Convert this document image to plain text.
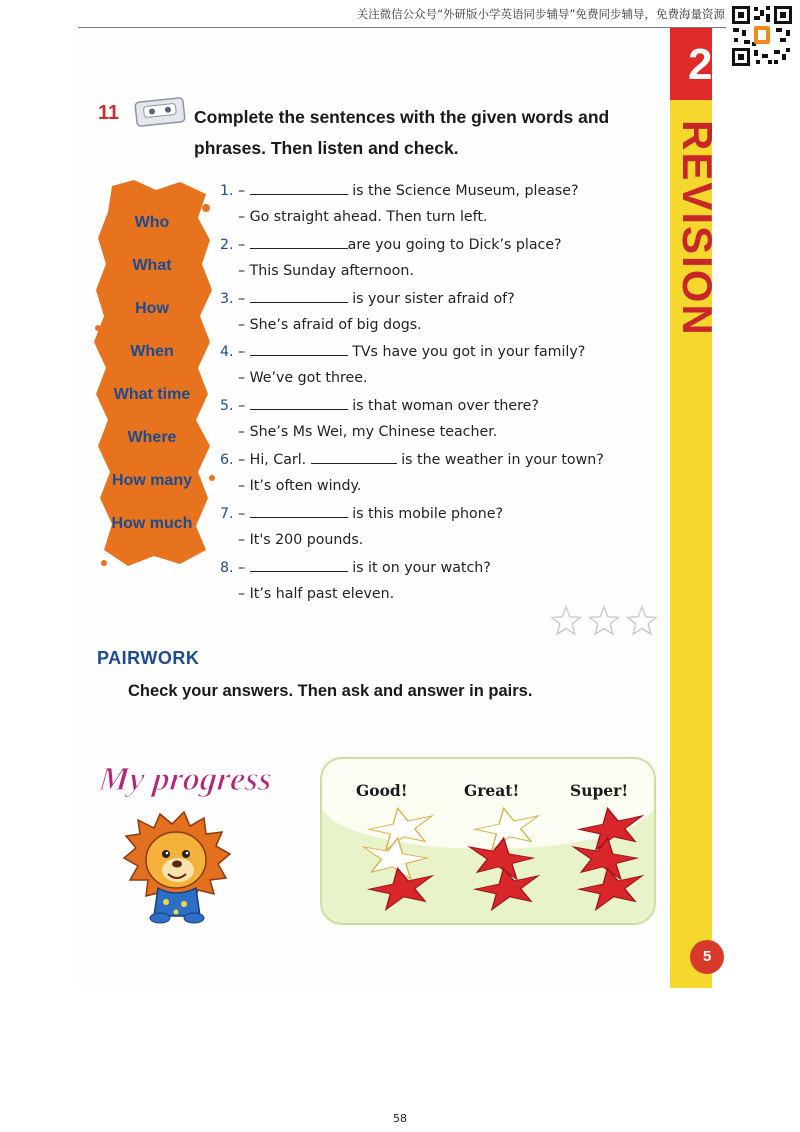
关注微信公众号“外研版小学英语同步辅导”免费同步辅导，免费海量资源
2
REVISION
5
11	Complete the sentences with the given words and phrases. Then listen and check.
Who
What
How
When
What time
Where
How many
How much
1. –	is the Science Museum, please?
– Go straight ahead. Then turn left.
2. –	are you going to Dick’s place?
– This Sunday afternoon.
3. –	is your sister afraid of?
– She’s afraid of big dogs.
4. –	TVs have you got in your family?
– We’ve got three.
5. –	is that woman over there?
– She’s Ms Wei, my Chinese teacher.
6. – Hi, Carl.	is the weather in your town?
– It’s often windy.
7. –	is this mobile phone?
– It's 200 pounds.
8. –	is it on your watch?
– It’s half past eleven.
PAIRWORK
Check your answers. Then ask and answer in pairs.
My progress	Good!	Great!	Super!
58
